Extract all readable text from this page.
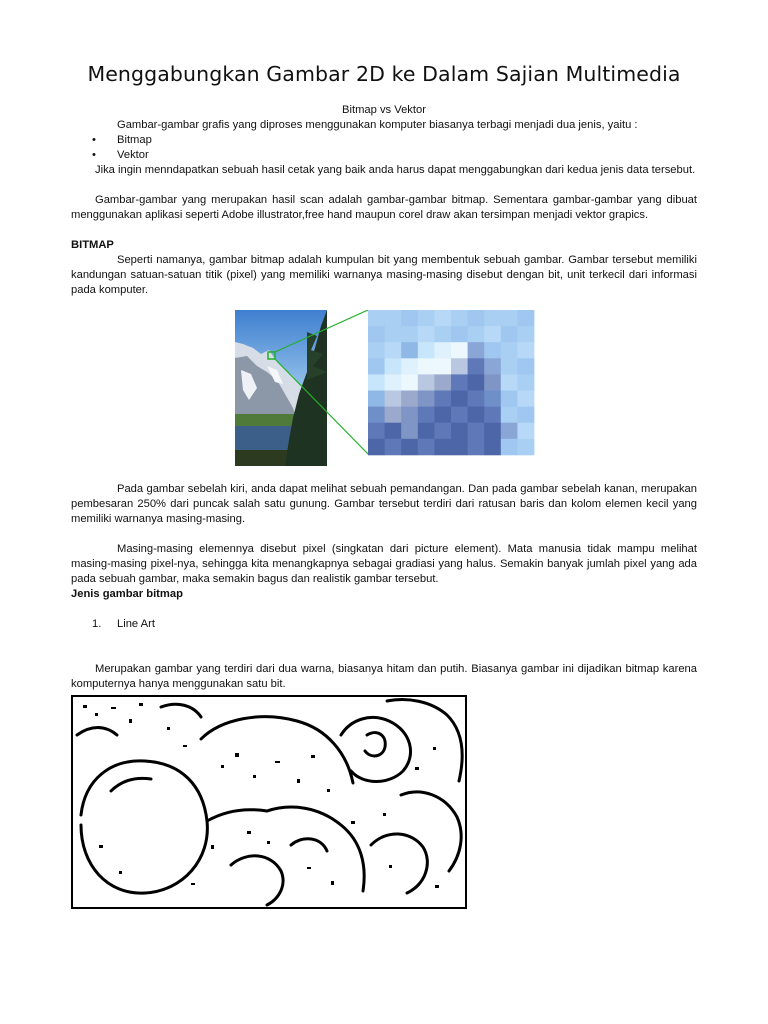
Menggabungkan Gambar 2D ke Dalam Sajian Multimedia

Bitmap vs Vektor

Gambar-gambar grafis yang diproses menggunakan komputer biasanya terbagi menjadi dua jenis, yaitu :

• Bitmap
• Vektor

Jika ingin menndapatkan sebuah hasil cetak yang baik anda harus dapat menggabungkan dari kedua jenis data tersebut.

Gambar-gambar yang merupakan hasil scan adalah gambar-gambar bitmap. Sementara gambar-gambar yang dibuat menggunakan aplikasi seperti Adobe illustrator,free hand maupun corel draw akan tersimpan menjadi vektor grapics.

BITMAP

Seperti namanya, gambar bitmap adalah kumpulan bit yang membentuk sebuah gambar. Gambar tersebut memiliki kandungan satuan-satuan titik (pixel) yang memiliki warnanya masing-masing disebut dengan bit, unit terkecil dari informasi pada komputer.

Pada gambar sebelah kiri, anda dapat melihat sebuah pemandangan. Dan pada gambar sebelah kanan, merupakan pembesaran 250% dari puncak salah satu gunung. Gambar tersebut terdiri dari ratusan baris dan kolom elemen kecil yang memiliki warnanya masing-masing.

Masing-masing elemennya disebut pixel (singkatan dari picture element). Mata manusia tidak mampu melihat masing-masing pixel-nya, sehingga kita menangkapnya sebagai gradiasi yang halus. Semakin banyak jumlah pixel yang ada pada sebuah gambar, maka semakin bagus dan realistik gambar tersebut.

Jenis gambar bitmap

1. Line Art

Merupakan gambar yang terdiri dari dua warna, biasanya hitam dan putih. Biasanya gambar ini dijadikan bitmap karena komputernya hanya menggunakan satu bit.
